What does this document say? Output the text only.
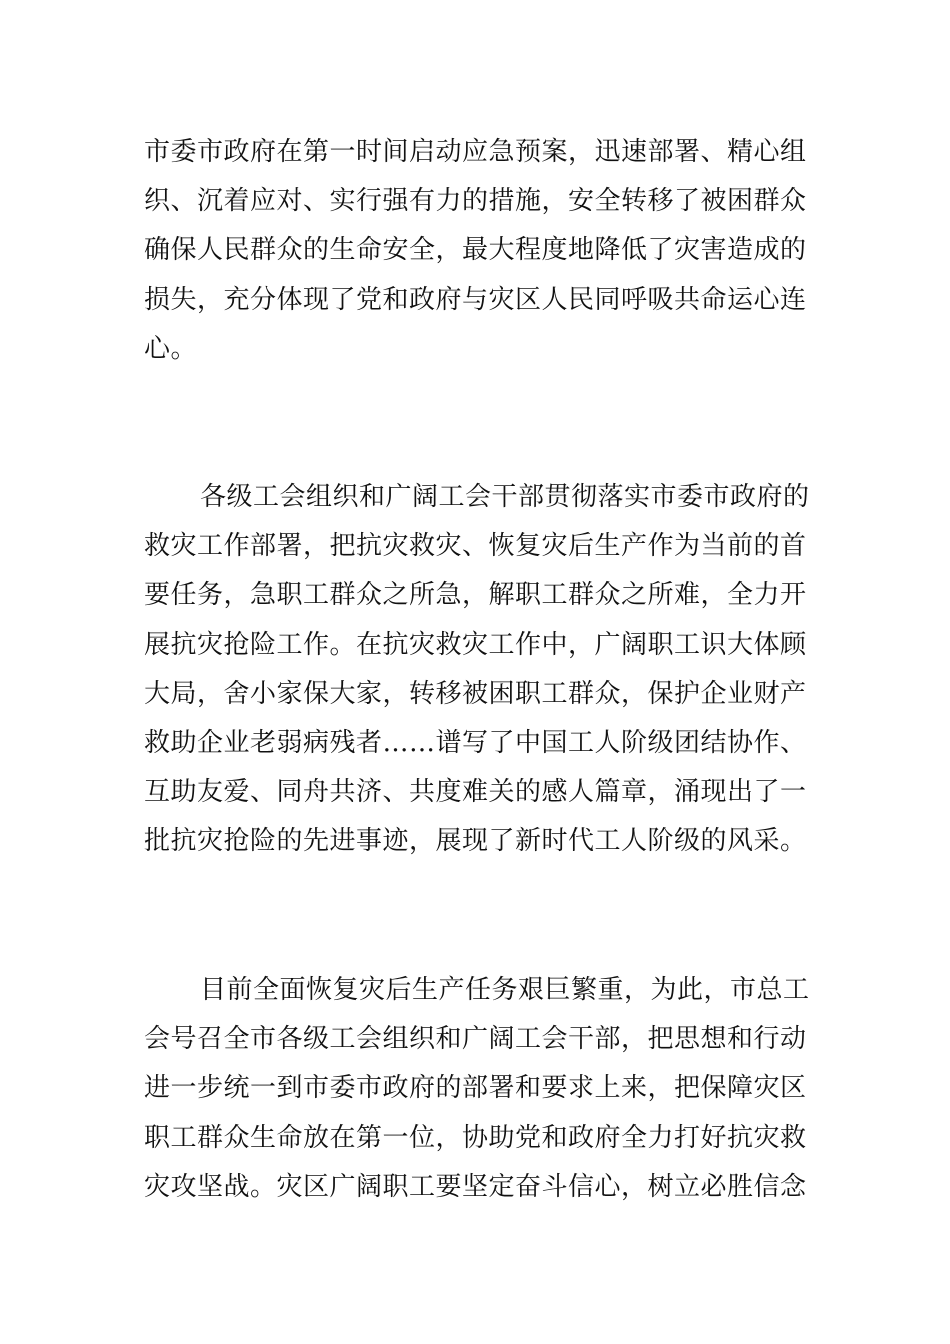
市委市政府在第一时间启动应急预案，迅速部署、精心组
织、沉着应对、实行强有力的措施，安全转移了被困群众
确保人民群众的生命安全，最大程度地降低了灾害造成的
损失，充分体现了党和政府与灾区人民同呼吸共命运心连
心。

各级工会组织和广阔工会干部贯彻落实市委市政府的
救灾工作部署，把抗灾救灾、恢复灾后生产作为当前的首
要任务，急职工群众之所急，解职工群众之所难，全力开
展抗灾抢险工作。在抗灾救灾工作中，广阔职工识大体顾
大局，舍小家保大家，转移被困职工群众，保护企业财产
救助企业老弱病残者……谱写了中国工人阶级团结协作、
互助友爱、同舟共济、共度难关的感人篇章，涌现出了一
批抗灾抢险的先进事迹，展现了新时代工人阶级的风采。

目前全面恢复灾后生产任务艰巨繁重，为此，市总工
会号召全市各级工会组织和广阔工会干部，把思想和行动
进一步统一到市委市政府的部署和要求上来，把保障灾区
职工群众生命放在第一位，协助党和政府全力打好抗灾救
灾攻坚战。灾区广阔职工要坚定奋斗信心，树立必胜信念
